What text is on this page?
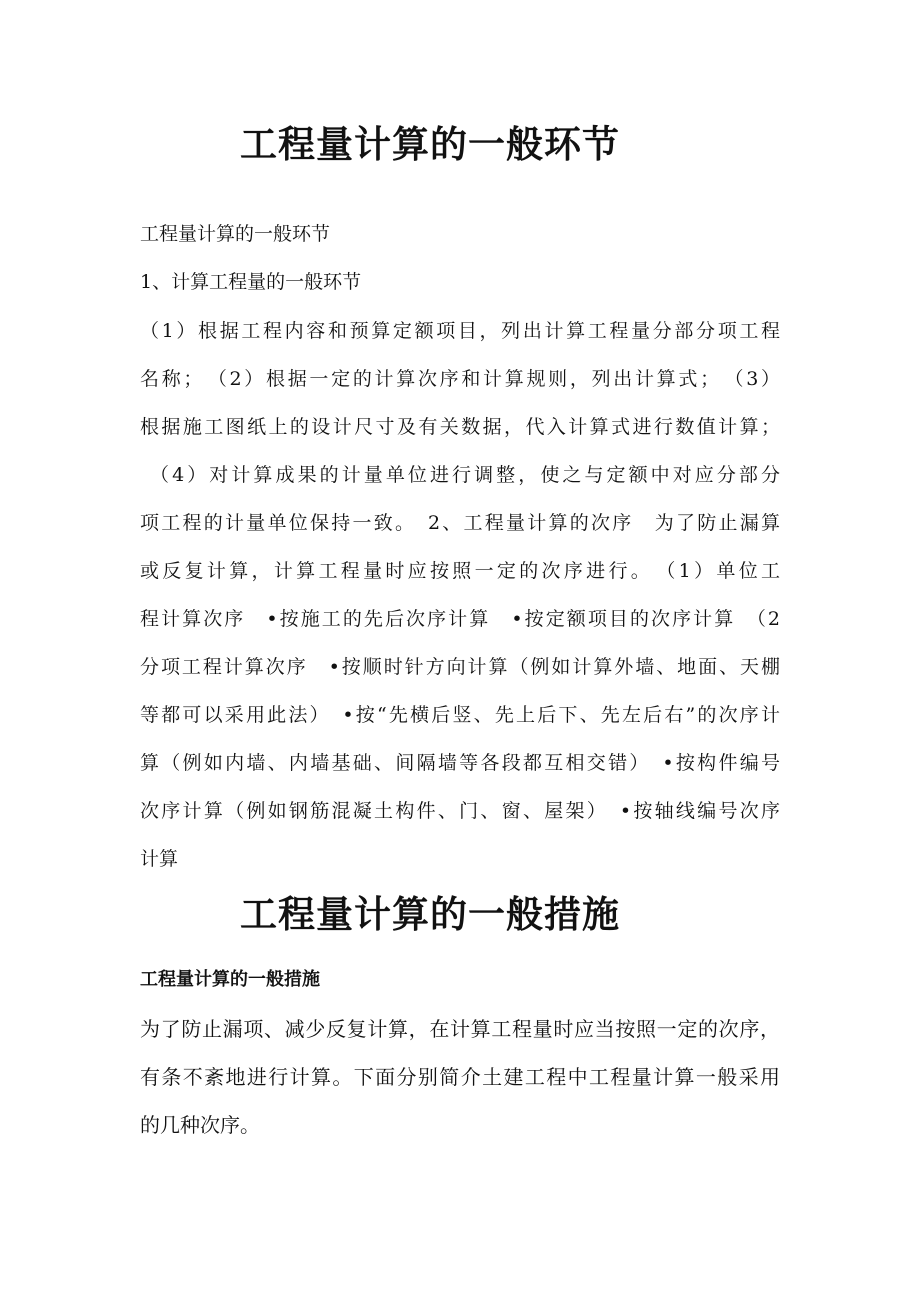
工程量计算的一般环节

工程量计算的一般环节

1、计算工程量的一般环节

（1）根据工程内容和预算定额项目，列出计算工程量分部分项工程

名称；　（2）根据一定的计算次序和计算规则，列出计算式；　（3）

根据施工图纸上的设计尺寸及有关数据，代入计算式进行数值计算；

（4）对计算成果的计量单位进行调整，使之与定额中对应分部分

项工程的计量单位保持一致。　2、工程量计算的次序　为了防止漏算

或反复计算，计算工程量时应按照一定的次序进行。　（1）单位工

程计算次序　•按施工的先后次序计算　•按定额项目的次序计算　（2

分项工程计算次序　•按顺时针方向计算（例如计算外墙、地面、天棚

等都可以采用此法）　•按“先横后竖、先上后下、先左后右”的次序计

算（例如内墙、内墙基础、间隔墙等各段都互相交错）　•按构件编号

次序计算（例如钢筋混凝土构件、门、窗、屋架）　•按轴线编号次序

计算

工程量计算的一般措施

工程量计算的一般措施

为了防止漏项、减少反复计算，在计算工程量时应当按照一定的次序，

有条不紊地进行计算。下面分别简介土建工程中工程量计算一般采用

的几种次序。
